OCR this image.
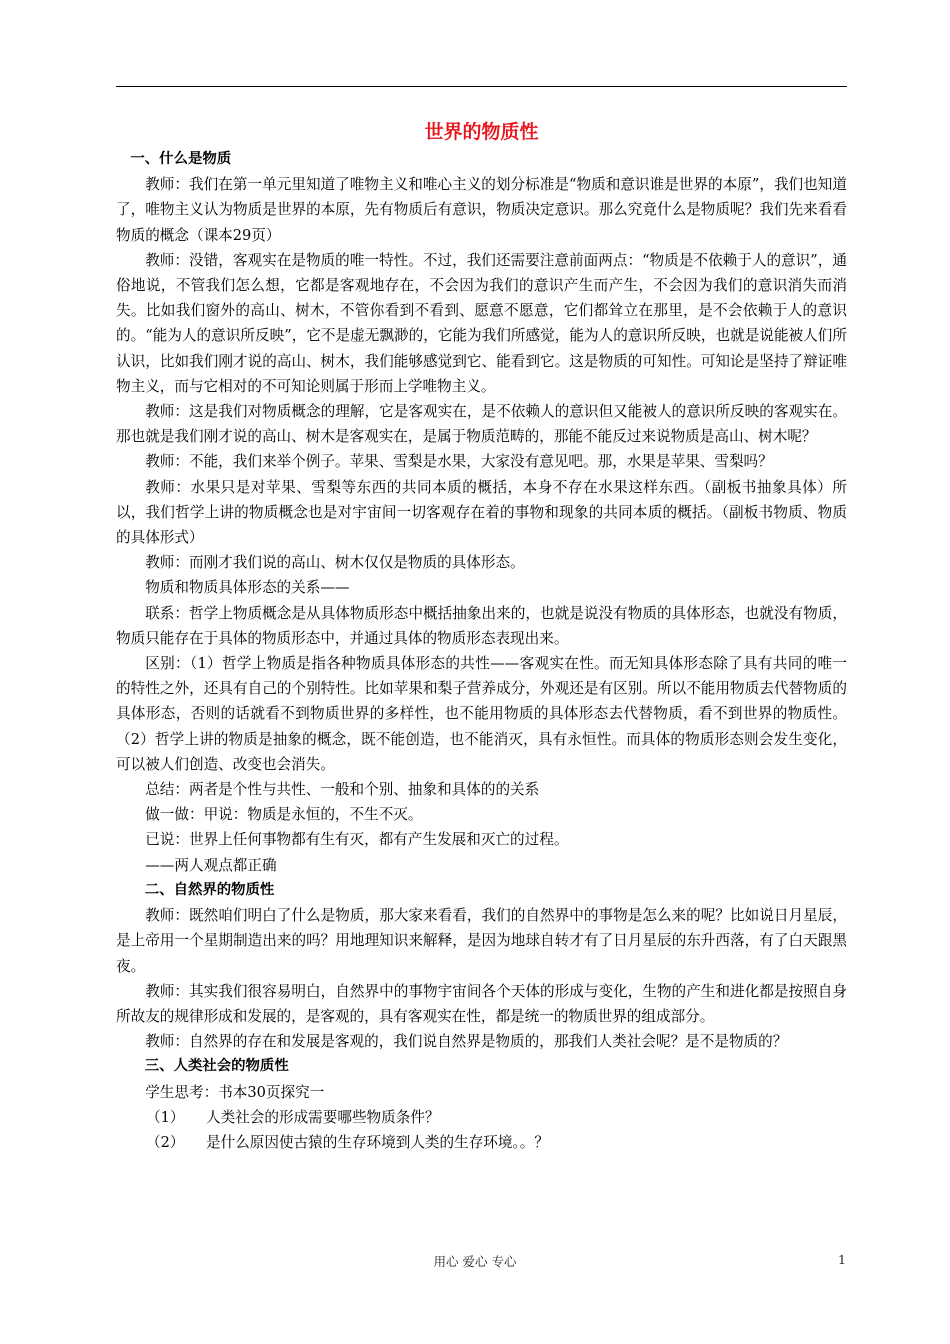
世界的物质性
一、什么是物质

教师：我们在第一单元里知道了唯物主义和唯心主义的划分标准是“物质和意识谁是世界的本原”，我们也知道了，唯物主义认为物质是世界的本原，先有物质后有意识，物质决定意识。那么究竟什么是物质呢？我们先来看看物质的概念（课本29页）

教师：没错，客观实在是物质的唯一特性。不过，我们还需要注意前面两点：“物质是不依赖于人的意识”，通俗地说，不管我们怎么想，它都是客观地存在，不会因为我们的意识产生而产生，不会因为我们的意识消失而消失。比如我们窗外的高山、树木，不管你看到不看到、愿意不愿意，它们都耸立在那里，是不会依赖于人的意识的。“能为人的意识所反映”，它不是虚无飘渺的，它能为我们所感觉，能为人的意识所反映，也就是说能被人们所认识，比如我们刚才说的高山、树木，我们能够感觉到它、能看到它。这是物质的可知性。可知论是坚持了辩证唯物主义，而与它相对的不可知论则属于形而上学唯物主义。

教师：这是我们对物质概念的理解，它是客观实在，是不依赖人的意识但又能被人的意识所反映的客观实在。那也就是我们刚才说的高山、树木是客观实在，是属于物质范畴的，那能不能反过来说物质是高山、树木呢？

教师：不能，我们来举个例子。苹果、雪梨是水果，大家没有意见吧。那，水果是苹果、雪梨吗？

教师：水果只是对苹果、雪梨等东西的共同本质的概括，本身不存在水果这样东西。（副板书抽象具体）所以，我们哲学上讲的物质概念也是对宇宙间一切客观存在着的事物和现象的共同本质的概括。（副板书物质、物质的具体形式）

教师：而刚才我们说的高山、树木仅仅是物质的具体形态。

物质和物质具体形态的关系——

联系：哲学上物质概念是从具体物质形态中概括抽象出来的，也就是说没有物质的具体形态，也就没有物质，物质只能存在于具体的物质形态中，并通过具体的物质形态表现出来。

区别：（1）哲学上物质是指各种物质具体形态的共性——客观实在性。而无知具体形态除了具有共同的唯一的特性之外，还具有自己的个别特性。比如苹果和梨子营养成分，外观还是有区别。所以不能用物质去代替物质的具体形态，否则的话就看不到物质世界的多样性，也不能用物质的具体形态去代替物质，看不到世界的物质性。（2）哲学上讲的物质是抽象的概念，既不能创造，也不能消灭，具有永恒性。而具体的物质形态则会发生变化，可以被人们创造、改变也会消失。

总结：两者是个性与共性、一般和个别、抽象和具体的的关系

做一做：甲说：物质是永恒的，不生不灭。

已说：世界上任何事物都有生有灭，都有产生发展和灭亡的过程。

——两人观点都正确

二、自然界的物质性

教师：既然咱们明白了什么是物质，那大家来看看，我们的自然界中的事物是怎么来的呢？比如说日月星辰，是上帝用一个星期制造出来的吗？用地理知识来解释，是因为地球自转才有了日月星辰的东升西落，有了白天跟黑夜。

教师：其实我们很容易明白，自然界中的事物宇宙间各个天体的形成与变化，生物的产生和进化都是按照自身所故友的规律形成和发展的，是客观的，具有客观实在性，都是统一的物质世界的组成部分。

教师：自然界的存在和发展是客观的，我们说自然界是物质的，那我们人类社会呢？是不是物质的？

三、人类社会的物质性

学生思考：书本30页探究一

（1） 人类社会的形成需要哪些物质条件？
（2） 是什么原因使古猿的生存环境到人类的生存环境。。？
用心 爱心 专心	1
